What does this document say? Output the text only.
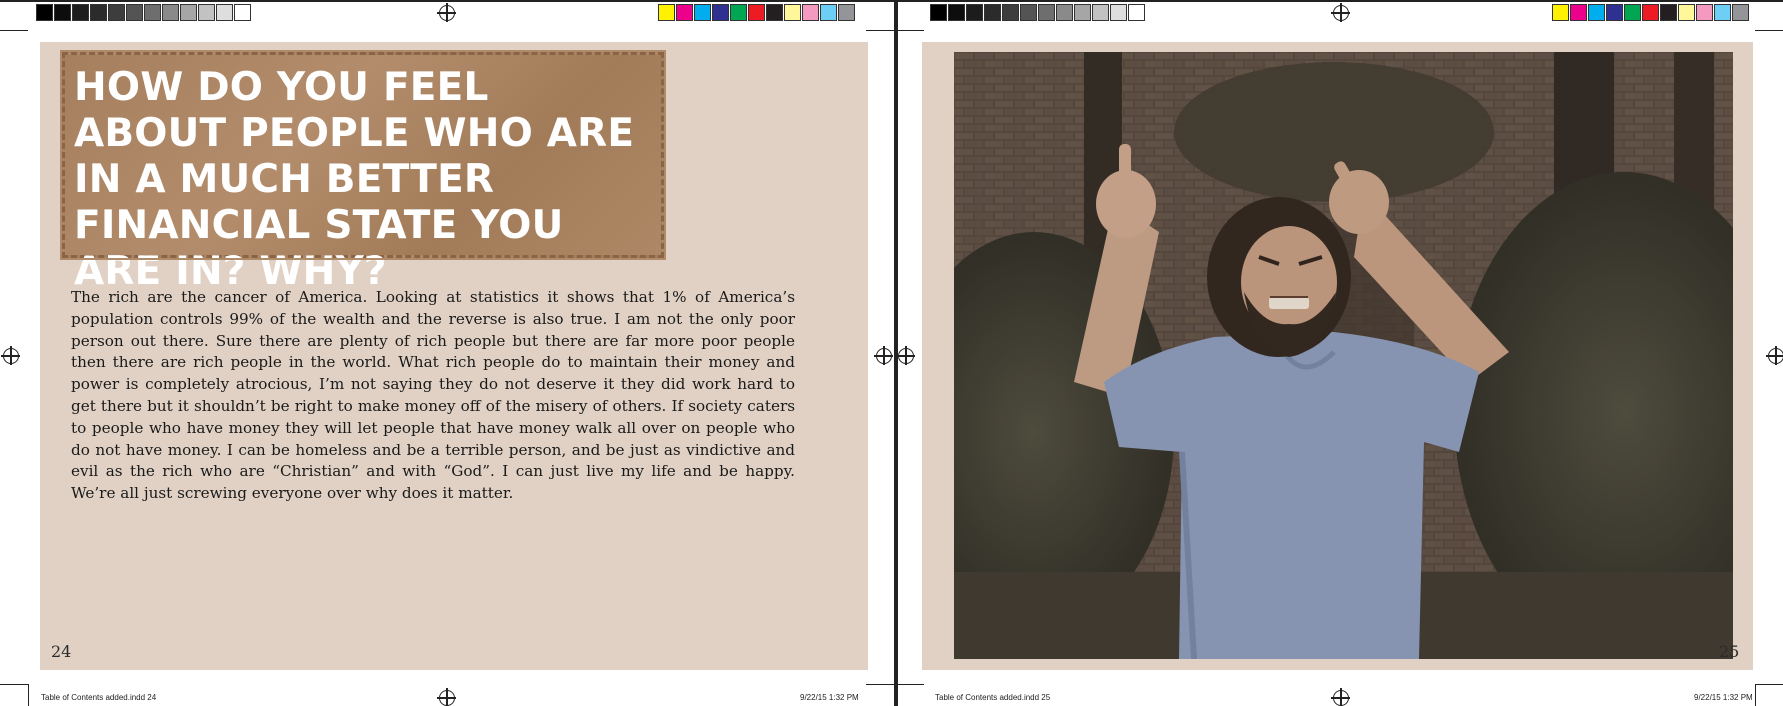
HOW DO YOU FEEL ABOUT PEOPLE WHO ARE IN A MUCH BETTER FINANCIAL STATE YOU ARE IN? WHY?
The rich are the cancer of America. Looking at statistics it shows that 1% of America’s population controls 99% of the wealth and the reverse is also true. I am not the only poor person out there. Sure there are plenty of rich people but there are far more poor people then there are rich people in the world. What rich people do to maintain their money and power is completely atrocious, I’m not saying they do not deserve it they did work hard to get there but it shouldn’t be right to make money off of the misery of others. If society caters to people who have money they will let people that have money walk all over on people who do not have money. I can be homeless and be a terrible person, and be just as vindictive and evil as the rich who are “Christian” and with “God”. I can just live my life and be happy. We’re all just screwing everyone over why does it matter.
24	25
Table of Contents added.indd 24	9/22/15 1:32 PM	Table of Contents added.indd 25	9/22/15 1:32 PM
